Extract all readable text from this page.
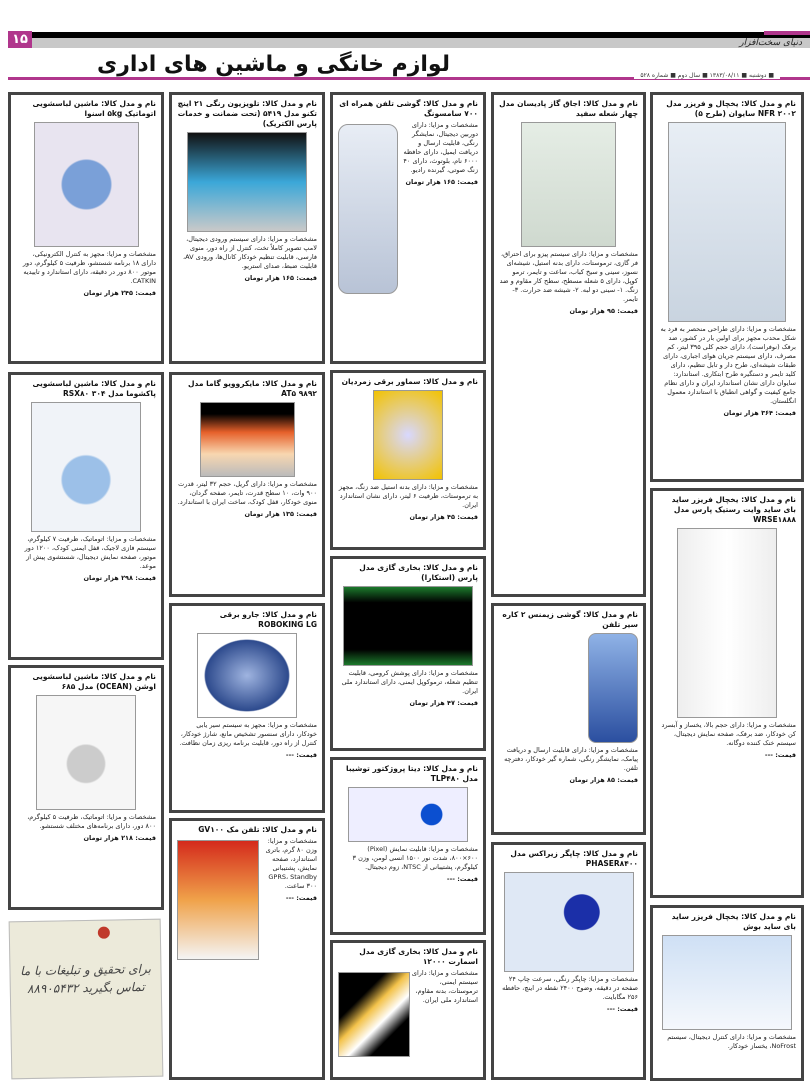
۱۵	دنیای سخت‌افزار
لوازم خانگی و ماشین های اداری	■ دوشنبه ■ ۱۳۸۳/۰۸/۱۱ ■ سال دوم ■ شماره ۵۲۸
نام و مدل کالا: یخچال و فریزر مدل NFR ۲۰۰۲ سایوان (طرح ۵)
مشخصات و مزایا: دارای طراحی منحصر به فرد به شکل محدب مجهز برای اولین بار در کشور، ضد برفک (نوفراست)، دارای حجم کلی ۳۹۵ لیتر، کم مصرف، دارای سیستم جریان هوای اجباری، دارای طبقات شیشه‌ای، طرح دار و تابل تنظیم، دارای کلید تایمر و دستگیره طرح ابتکاری. استاندارد: سایوان دارای نشان استاندارد ایران و دارای نظام جامع کیفیت و گواهی انطباق با استاندارد معمول انگلستان.
قیمت: ۳۶۴ هزار تومان
نام و مدل کالا: یخچال فریزر ساید بای ساید وایت رستیک پارس مدل WRSE۱۸۸۸
مشخصات و مزایا: دارای حجم بالا، یخساز و آبسرد کن خودکار، ضد برفک، صفحه نمایش دیجیتال، سیستم خنک کننده دوگانه.
قیمت: ---
نام و مدل کالا: یخچال فریزر ساید بای ساید بوش
مشخصات و مزایا: دارای کنترل دیجیتال، سیستم NoFrost، یخساز خودکار.
نام و مدل کالا: اجاق گاز پادیسان مدل چهار شعله سفید
مشخصات و مزایا: دارای سیستم پیزو برای احتراق، فر گازی، ترموستات، دارای بدنه استیل، شیشه‌ای نسوز، سینی و سیخ کباب، ساعت و تایمر، ترمو کوپل، دارای ۵ شعله مسطح، سطح کار مقاوم و ضد زنگ. ۱- سینی دو لبه. ۲- شیشه ضد حرارت. ۳- تایمر.
قیمت: ۹۵ هزار تومان
نام و مدل کالا: گوشی زیمنس ۲ کاره سیر تلفن
مشخصات و مزایا: دارای قابلیت ارسال و دریافت پیامک، نمایشگر رنگی، شماره گیر خودکار، دفترچه تلفن.
قیمت: ۸۵ هزار تومان
نام و مدل کالا: چاپگر زیراکس مدل PHASER۸۴۰۰
مشخصات و مزایا: چاپگر رنگی، سرعت چاپ ۲۴ صفحه در دقیقه، وضوح ۲۴۰۰ نقطه در اینچ، حافظه ۲۵۶ مگابایت.
قیمت: ---
نام و مدل کالا: گوشی تلفن همراه ای ۷۰۰ سامسونگ
مشخصات و مزایا: دارای دوربین دیجیتال، نمایشگر رنگی، قابلیت ارسال و دریافت ایمیل، دارای حافظه ۶۰۰۰ نام، بلوتوث، دارای ۴۰ زنگ صوتی، گیرنده رادیو.
قیمت: ۱۶۵ هزار تومان
نام و مدل کالا: سماور برقی زمردیان
مشخصات و مزایا: دارای بدنه استیل ضد زنگ، مجهز به ترموستات، ظرفیت ۶ لیتر، دارای نشان استاندارد ایران.
قیمت: ۴۵ هزار تومان
نام و مدل کالا: بخاری گازی مدل پارس (استکارا)
مشخصات و مزایا: دارای پوشش کرومی، قابلیت تنظیم شعله، ترموکوپل ایمنی، دارای استاندارد ملی ایران.
قیمت: ۴۷ هزار تومان
نام و مدل کالا: دیتا پروژکتور توشیبا مدل TLP۴۸۰
مشخصات و مزایا: قابلیت نمایش (Pixel) ۸۰۰×۶۰۰، شدت نور ۱۵۰۰ انسی لومن، وزن ۳ کیلوگرم، پشتیبانی از NTSC، زوم دیجیتال.
قیمت: ---
نام و مدل کالا: بخاری گازی مدل اسمارت ۱۲۰۰۰
مشخصات و مزایا: دارای سیستم ایمنی، ترموستات، بدنه مقاوم، استاندارد ملی ایران.
نام و مدل کالا: تلویزیون رنگی ۲۱ اینچ تکنو مدل ۵۴۱۹ (تحت ضمانت و خدمات پارس الکتریک)
مشخصات و مزایا: دارای سیستم ورودی دیجیتال، لامپ تصویر کاملاً تخت، کنترل از راه دور، منوی فارسی، قابلیت تنظیم خودکار کانال‌ها، ورودی AV، قابلیت ضبط، صدای استریو.
قیمت: ۱۶۵ هزار تومان
نام و مدل کالا: مایکروویو گاما مدل ۹۸۹۲ AT۵
مشخصات و مزایا: دارای گریل، حجم ۳۲ لیتر، قدرت ۹۰۰ وات، ۱۰ سطح قدرت، تایمر، صفحه گردان، منوی خودکار، قفل کودک، ساخت ایران با استاندارد.
قیمت: ۱۳۵ هزار تومان
نام و مدل کالا: جارو برقی ROBOKING LG
مشخصات و مزایا: مجهز به سیستم سیر یابی خودکار، دارای سنسور تشخیص مانع، شارژ خودکار، کنترل از راه دور، قابلیت برنامه ریزی زمان نظافت.
قیمت: ---
نام و مدل کالا: تلفن مک GV۱۰۰
مشخصات و مزایا: وزن ۸۰ گرم، باتری استاندارد، صفحه نمایش، پشتیبانی GPRS، Standby ۳۰۰ ساعت.
قیمت: ---
نام و مدل کالا: ماشین لباسشویی اتوماتیک ۵kg اسنوا
مشخصات و مزایا: مجهز به کنترل الکترونیکی، دارای ۱۸ برنامه شستشو، ظرفیت ۵ کیلوگرم، دور موتور ۸۰۰ دور در دقیقه، دارای استاندارد و تاییدیه CATKIN.
قیمت: ۲۴۵ هزار تومان
نام و مدل کالا: ماشین لباسشویی پاکشوما مدل ۳۰۴ RSX۸۰
مشخصات و مزایا: اتوماتیک، ظرفیت ۷ کیلوگرم، سیستم فازی لاجیک، قفل ایمنی کودک، ۱۲۰۰ دور موتور، صفحه نمایش دیجیتال، شستشوی پیش از موعد.
قیمت: ۲۹۸ هزار تومان
نام و مدل کالا: ماشین لباسشویی اوشن (OCEAN) مدل ۶۸۵
مشخصات و مزایا: اتوماتیک، ظرفیت ۵ کیلوگرم، ۸۰۰ دور، دارای برنامه‌های مختلف شستشو.
قیمت: ۲۱۸ هزار تومان
برای تحقیق و تبلیغات با ما تماس بگیرید ۸۸۹۰۵۴۳۲
